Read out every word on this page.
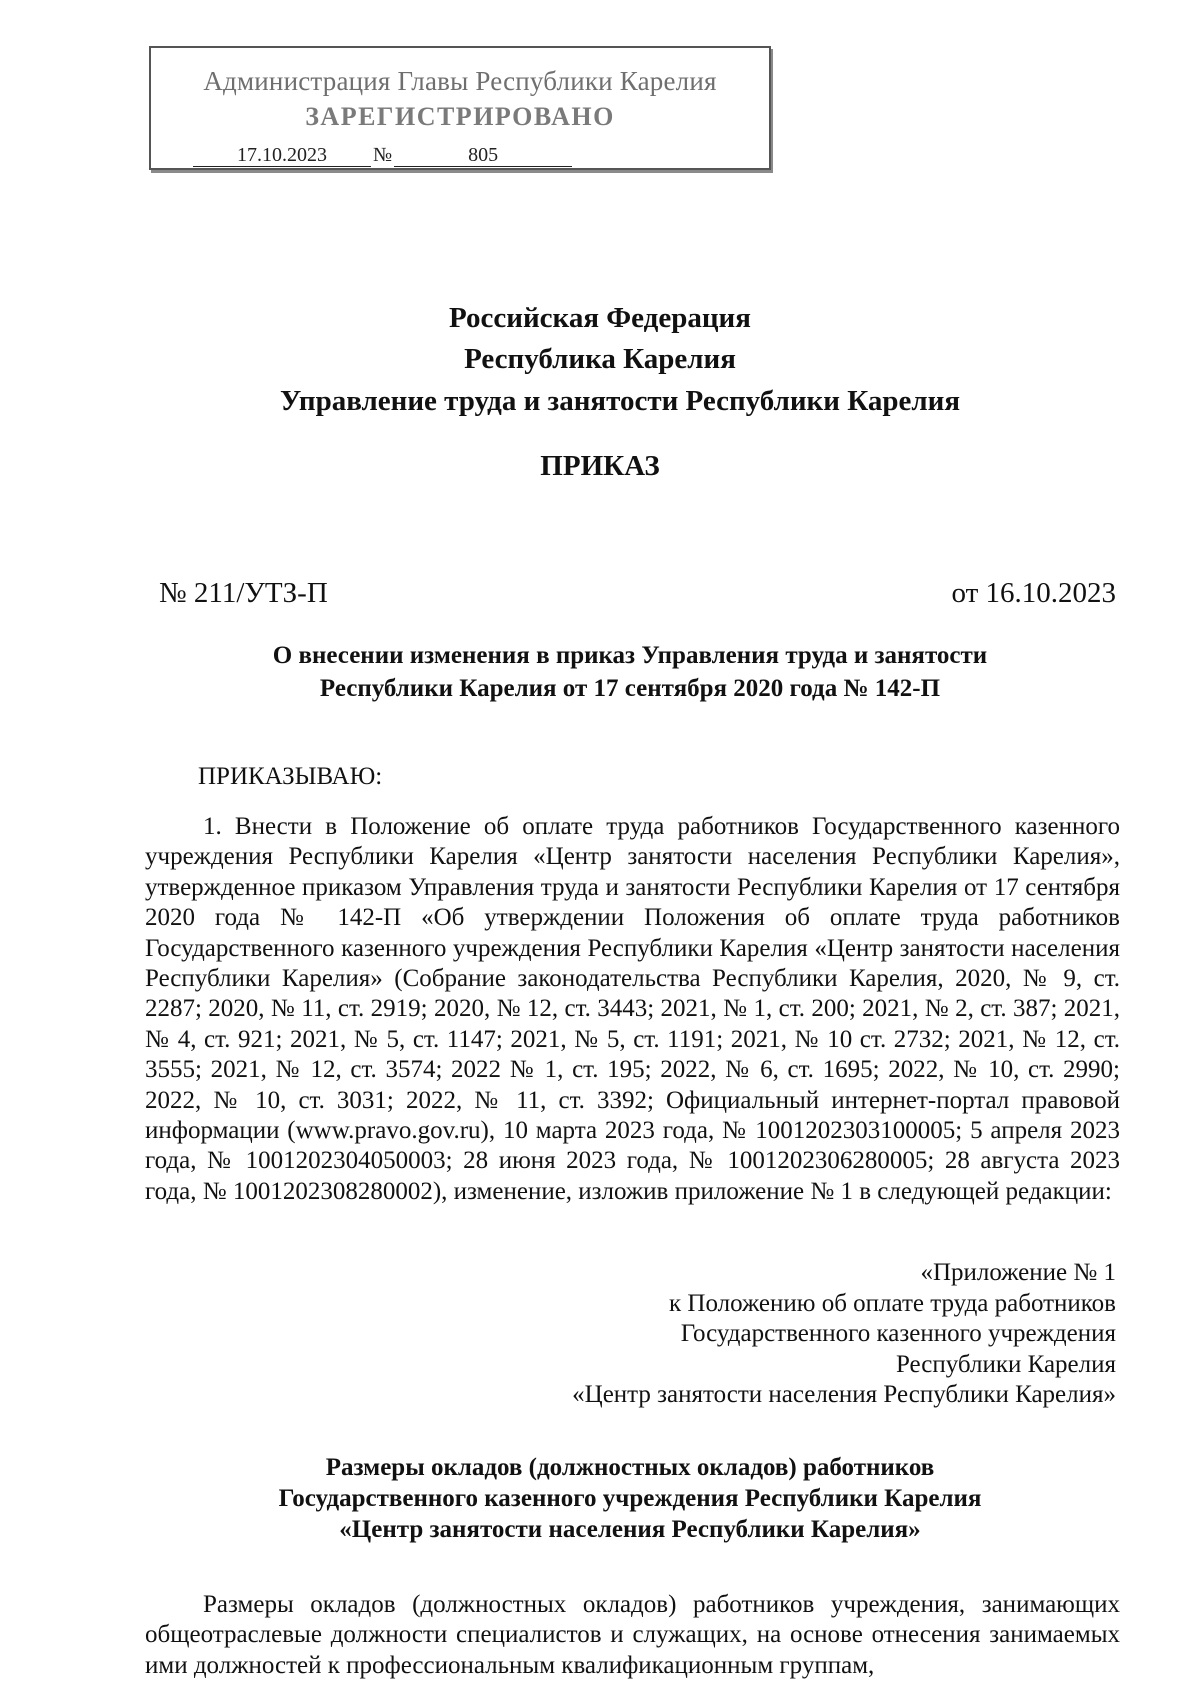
Администрация Главы Республики Карелия
ЗАРЕГИСТРИРОВАНО
17.10.2023	№	805
Российская Федерация
Республика Карелия
Управление труда и занятости Республики Карелия
ПРИКАЗ
№ 211/УТЗ-П	от 16.10.2023
О внесении изменения в приказ Управления труда и занятости
Республики Карелия от 17 сентября 2020 года № 142-П
ПРИКАЗЫВАЮ:
1. Внести в Положение об оплате труда работников Государственного казенного учреждения Республики Карелия «Центр занятости населения Республики Карелия», утвержденное приказом Управления труда и занятости Республики Карелия от 17 сентября 2020 года № 142-П «Об утверждении Положения об оплате труда работников Государственного казенного учреждения Республики Карелия «Центр занятости населения Республики Карелия» (Собрание законодательства Республики Карелия, 2020, № 9, ст. 2287; 2020, № 11, ст. 2919; 2020, № 12, ст. 3443; 2021, № 1, ст. 200; 2021, № 2, ст. 387; 2021, № 4, ст. 921; 2021, № 5, ст. 1147; 2021, № 5, ст. 1191; 2021, № 10 ст. 2732; 2021, № 12, ст. 3555; 2021, № 12, ст. 3574; 2022 № 1, ст. 195; 2022, № 6, ст. 1695; 2022, № 10, ст. 2990; 2022, № 10, ст. 3031; 2022, № 11, ст. 3392; Официальный интернет-портал правовой информации (www.pravo.gov.ru), 10 марта 2023 года, № 1001202303100005; 5 апреля 2023 года, № 1001202304050003; 28 июня 2023 года, № 1001202306280005; 28 августа 2023 года, № 1001202308280002), изменение, изложив приложение № 1 в следующей редакции:
«Приложение № 1
к Положению об оплате труда работников
Государственного казенного учреждения
Республики Карелия
«Центр занятости населения Республики Карелия»
Размеры окладов (должностных окладов) работников
Государственного казенного учреждения Республики Карелия
«Центр занятости населения Республики Карелия»
Размеры окладов (должностных окладов) работников учреждения, занимающих общеотраслевые должности специалистов и служащих, на основе отнесения занимаемых ими должностей к профессиональным квалификационным группам,
